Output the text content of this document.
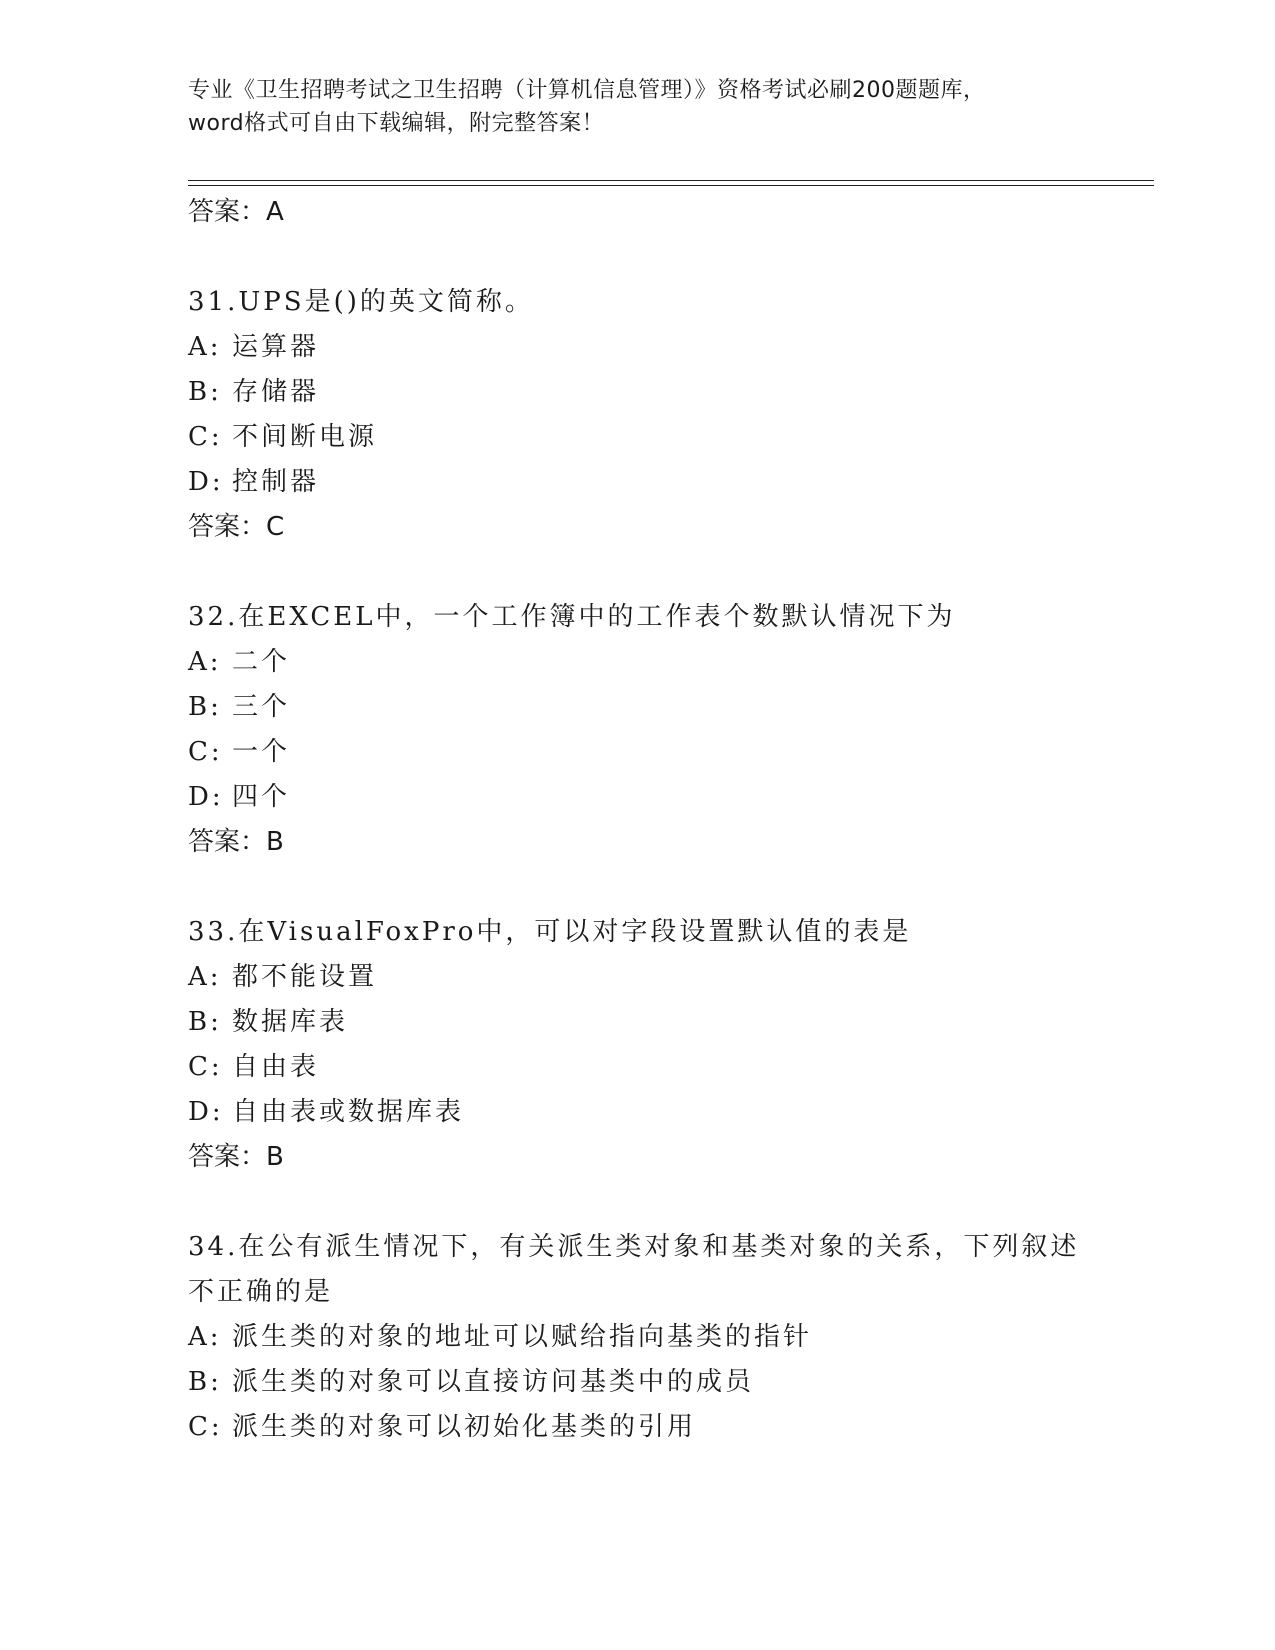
专业《卫生招聘考试之卫生招聘（计算机信息管理）》资格考试必刷200题题库，
word格式可自由下载编辑，附完整答案！
答案：A
31.UPS是()的英文简称。
A: 运算器
B: 存储器
C: 不间断电源
D: 控制器
答案：C
32.在EXCEL中，一个工作簿中的工作表个数默认情况下为
A: 二个
B: 三个
C: 一个
D: 四个
答案：B
33.在VisualFoxPro中，可以对字段设置默认值的表是
A: 都不能设置
B: 数据库表
C: 自由表
D: 自由表或数据库表
答案：B
34.在公有派生情况下，有关派生类对象和基类对象的关系，下列叙述
不正确的是
A: 派生类的对象的地址可以赋给指向基类的指针
B: 派生类的对象可以直接访问基类中的成员
C: 派生类的对象可以初始化基类的引用
